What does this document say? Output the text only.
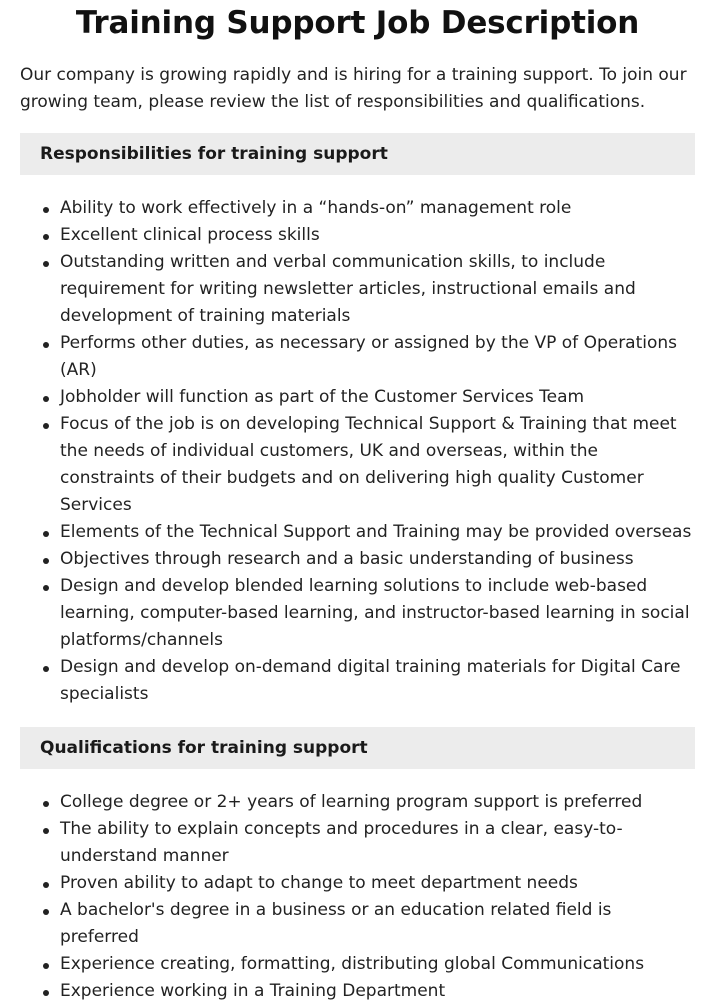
Training Support Job Description

Our company is growing rapidly and is hiring for a training support. To join our growing team, please review the list of responsibilities and qualifications.

Responsibilities for training support
Ability to work effectively in a “hands-on” management role
Excellent clinical process skills
Outstanding written and verbal communication skills, to include requirement for writing newsletter articles, instructional emails and development of training materials
Performs other duties, as necessary or assigned by the VP of Operations (AR)
Jobholder will function as part of the Customer Services Team
Focus of the job is on developing Technical Support & Training that meet the needs of individual customers, UK and overseas, within the constraints of their budgets and on delivering high quality Customer Services
Elements of the Technical Support and Training may be provided overseas
Objectives through research and a basic understanding of business
Design and develop blended learning solutions to include web-based learning, computer-based learning, and instructor-based learning in social platforms/channels
Design and develop on-demand digital training materials for Digital Care specialists
Qualifications for training support
College degree or 2+ years of learning program support is preferred
The ability to explain concepts and procedures in a clear, easy-to-understand manner
Proven ability to adapt to change to meet department needs
A bachelor's degree in a business or an education related field is preferred
Experience creating, formatting, distributing global Communications
Experience working in a Training Department
